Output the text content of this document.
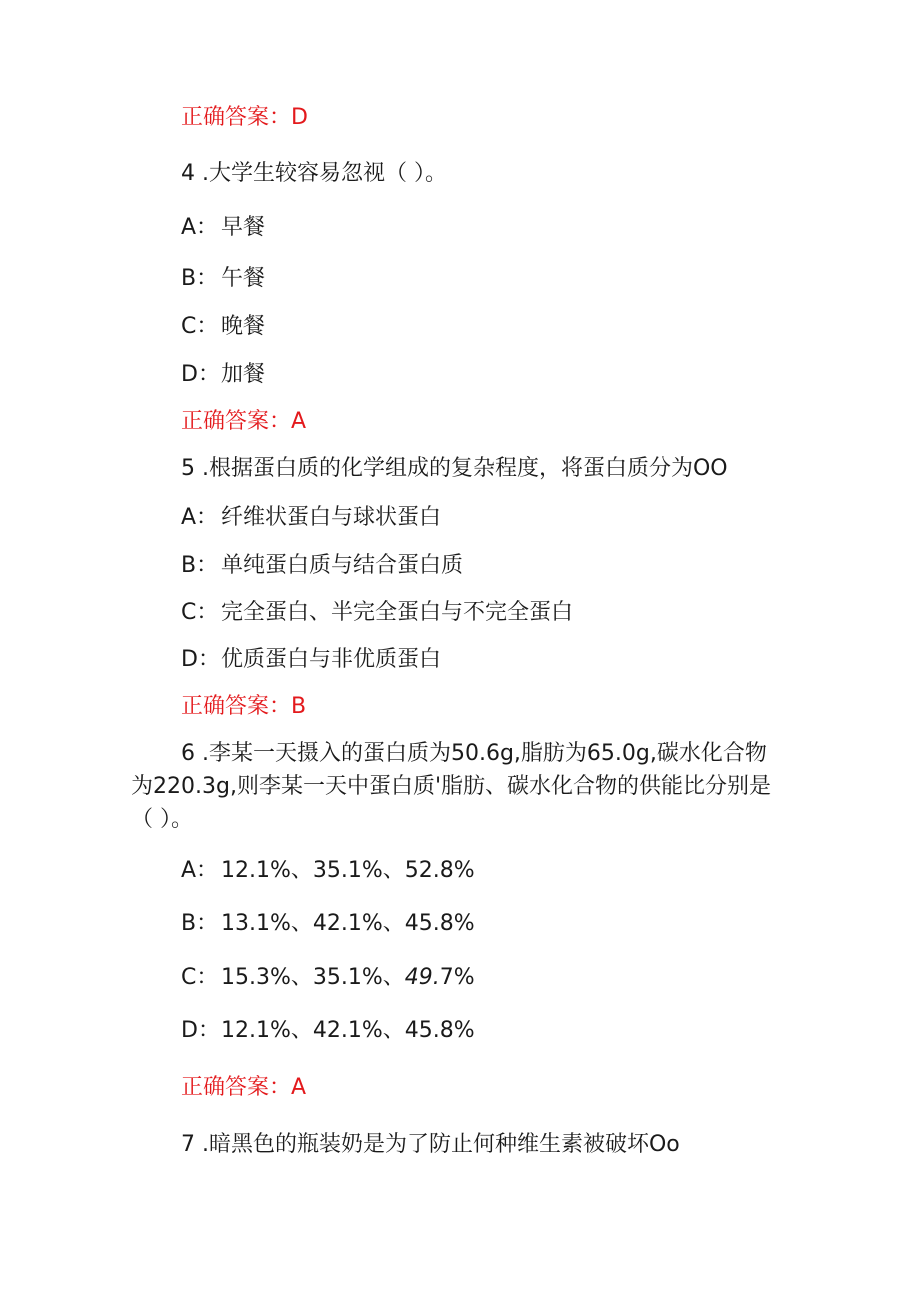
正确答案：D
4 .大学生较容易忽视（ ）。
A： 早餐
B： 午餐
C： 晚餐
D：加餐
正确答案：A
5 .根据蛋白质的化学组成的复杂程度，将蛋白质分为OO
A： 纤维状蛋白与球状蛋白
B： 单纯蛋白质与结合蛋白质
C： 完全蛋白、半完全蛋白与不完全蛋白
D：优质蛋白与非优质蛋白
正确答案：B
6 .李某一天摄入的蛋白质为50.6g,脂肪为65.0g,碳水化合物
为220.3g,则李某一天中蛋白质'脂肪、碳水化合物的供能比分别是
（ ）。
A： 12.1%、35.1%、52.8%
B： 13.1%、42.1%、45.8%
C： 15.3%、35.1%、49.7%
D：12.1%、42.1%、45.8%
正确答案：A
7 .暗黑色的瓶装奶是为了防止何种维生素被破坏Oo
